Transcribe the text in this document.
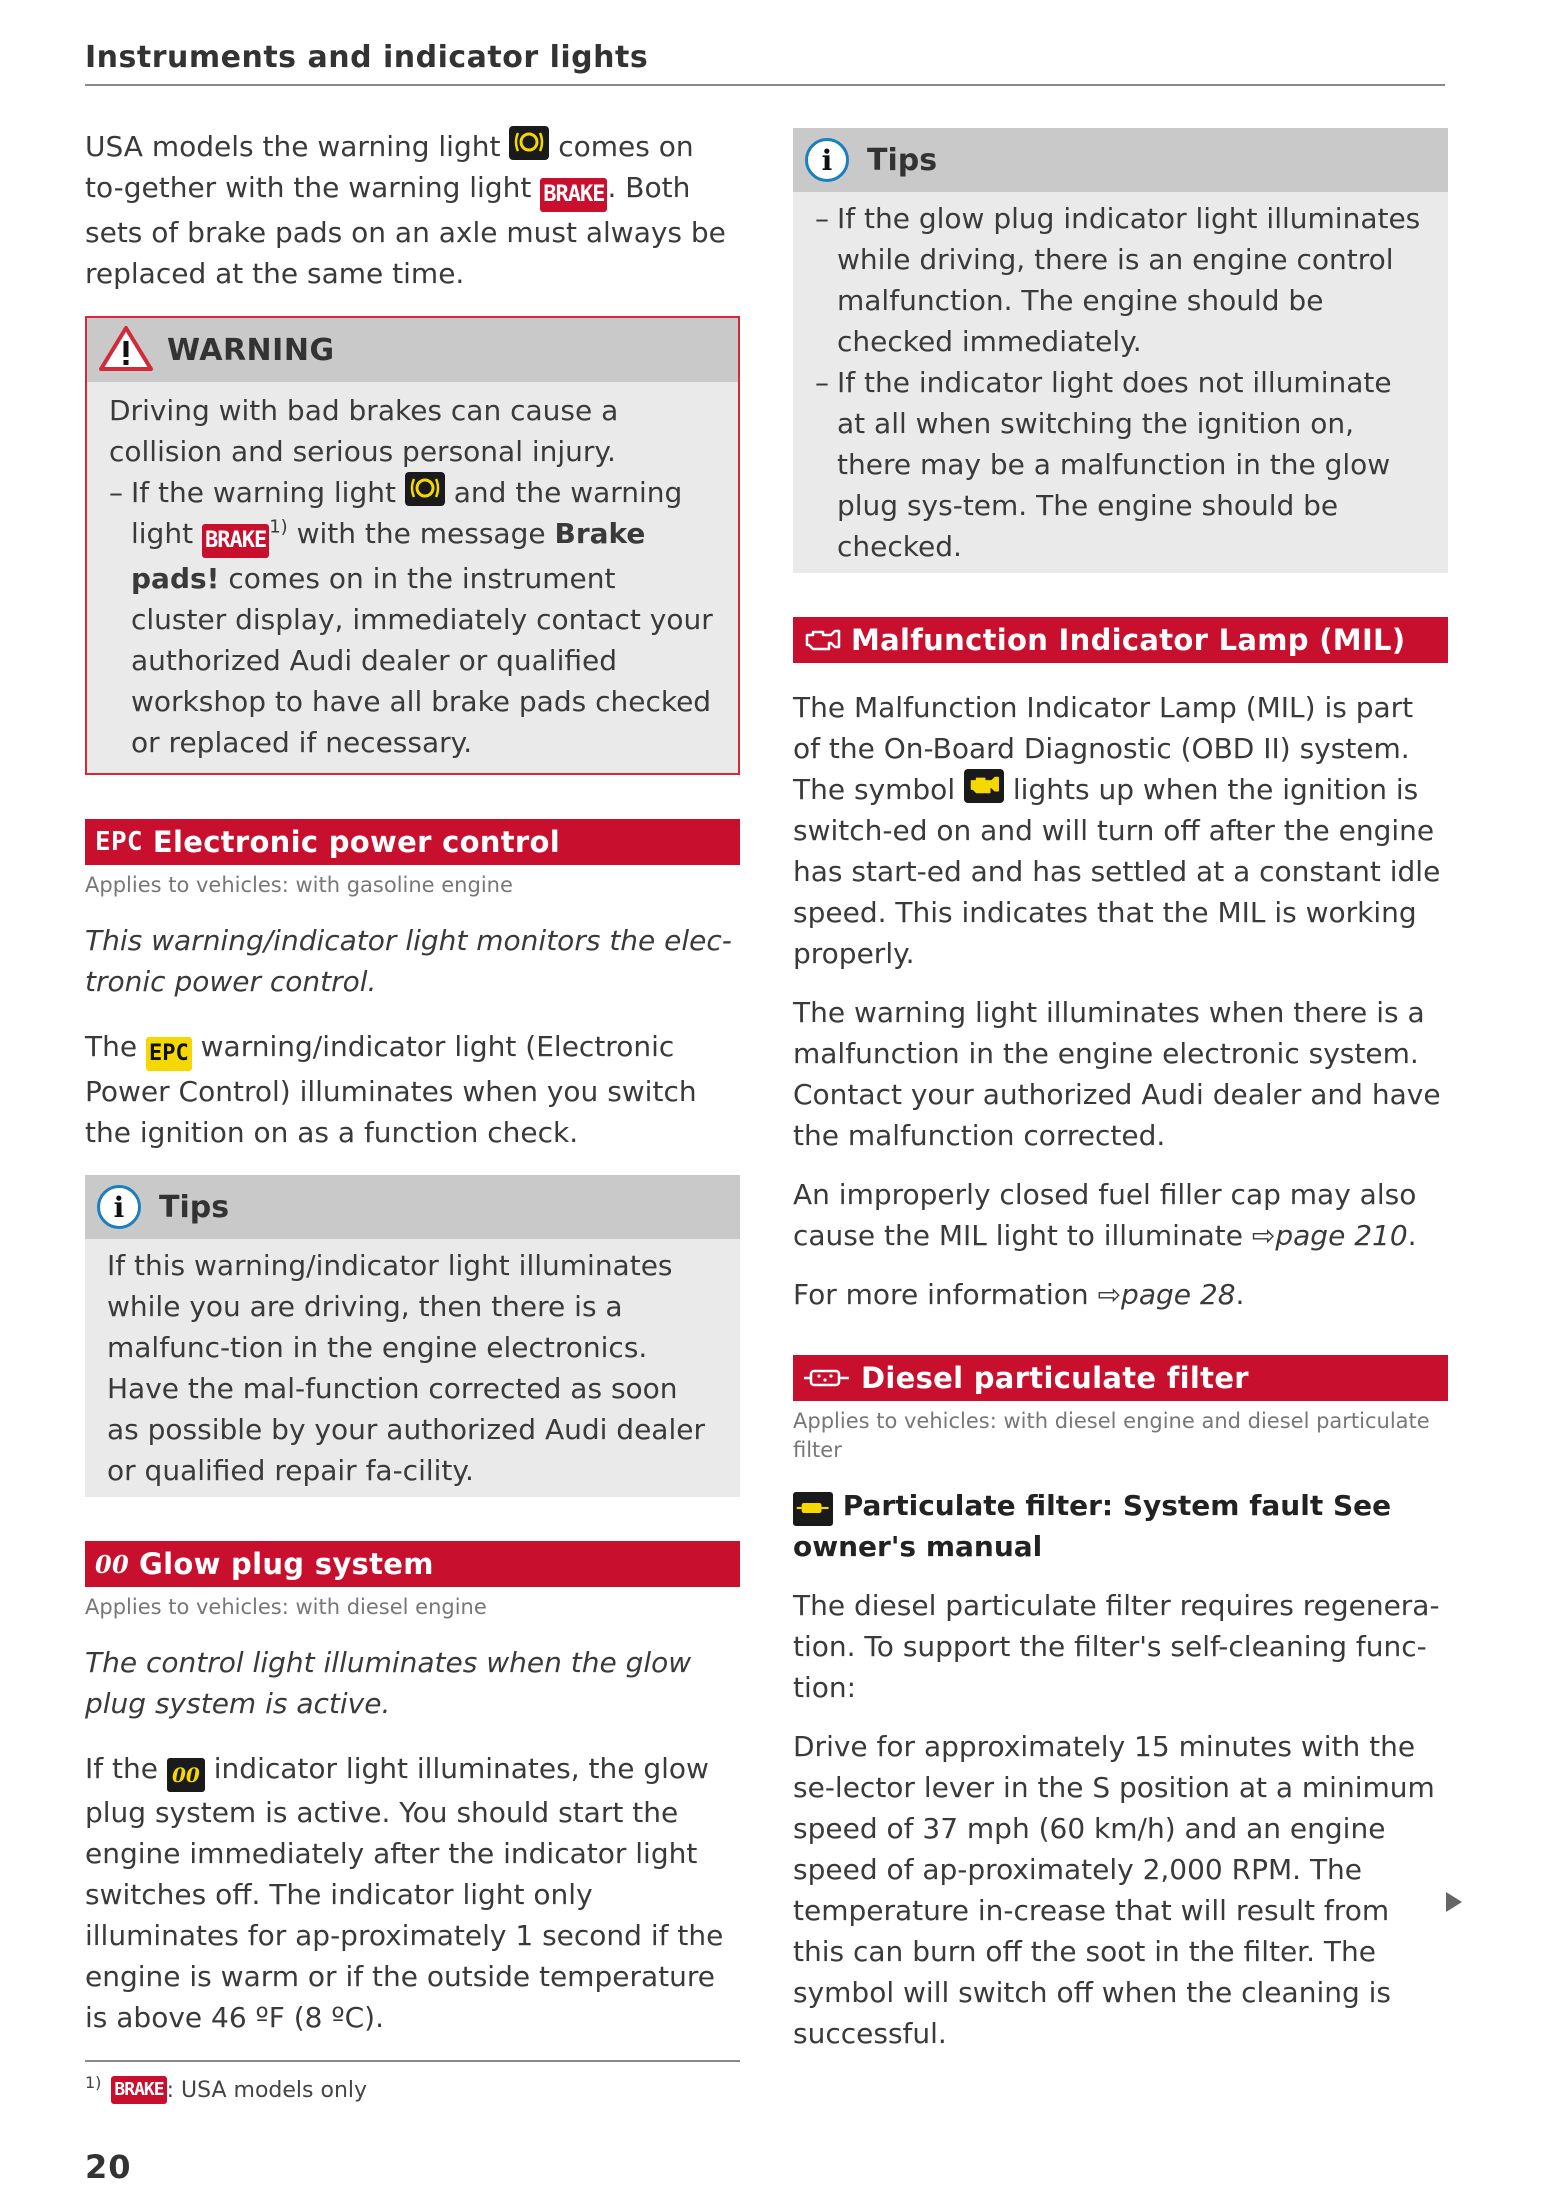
Instruments and indicator lights

USA models the warning light
comes on to-gether with the warning light BRAKE . Both sets of brake pads on an axle must always be replaced at the same time.

WARNING

Driving with bad brakes can cause a collision and serious personal injury.

– If the warning light
and the warning light BRAKE$^{1)}$ with the message Brake pads! comes on in the instrument cluster display, immediately contact your authorized Audi dealer or qualified workshop to have all brake pads checked or replaced if necessary.

EPC Electronic power control
Applies to vehicles: with gasoline engine

This warning/indicator light monitors the elec-tronic power control.

The EPC warning/indicator light (Electronic Power Control) illuminates when you switch the ignition on as a function check.

i	Tips

If this warning/indicator light illuminates while you are driving, then there is a malfunc-tion in the engine electronics. Have the mal-function corrected as soon as possible by your authorized Audi dealer or qualified repair fa-cility.

00 Glow plug system
Applies to vehicles: with diesel engine

The control light illuminates when the glow plug system is active.

If the 00 indicator light illuminates, the glow plug system is active. You should start the engine immediately after the indicator light switches off. The indicator light only illuminates for ap-proximately 1 second if the engine is warm or if the outside temperature is above 46 ºF (8 ºC).

i	Tips
– If the glow plug indicator light illuminates while driving, there is an engine control malfunction. The engine should be checked immediately.

– If the indicator light does not illuminate at all when switching the ignition on, there may be a malfunction in the glow plug sys-tem. The engine should be checked.

Malfunction Indicator Lamp (MIL)

The Malfunction Indicator Lamp (MIL) is part of the On-Board Diagnostic (OBD II) system. The symbol
lights up when the ignition is switch-ed on and will turn off after the engine has start-ed and has settled at a constant idle speed. This indicates that the MIL is working properly.

The warning light illuminates when there is a malfunction in the engine electronic system. Contact your authorized Audi dealer and have the malfunction corrected.

An improperly closed fuel filler cap may also cause the MIL light to illuminate ⇨page 210.

For more information ⇨page 28.

Diesel particulate filter
Applies to vehicles: with diesel engine and diesel particulate filter
Particulate filter: System fault See owner's manual

The diesel particulate filter requires regenera-tion. To support the filter's self-cleaning func-tion:

Drive for approximately 15 minutes with the se-lector lever in the S position at a minimum speed of 37 mph (60 km/h) and an engine speed of ap-proximately 2,000 RPM. The temperature in-crease that will result from this can burn off the soot in the filter. The symbol will switch off when the cleaning is successful.

1) BRAKE : USA models only
20
